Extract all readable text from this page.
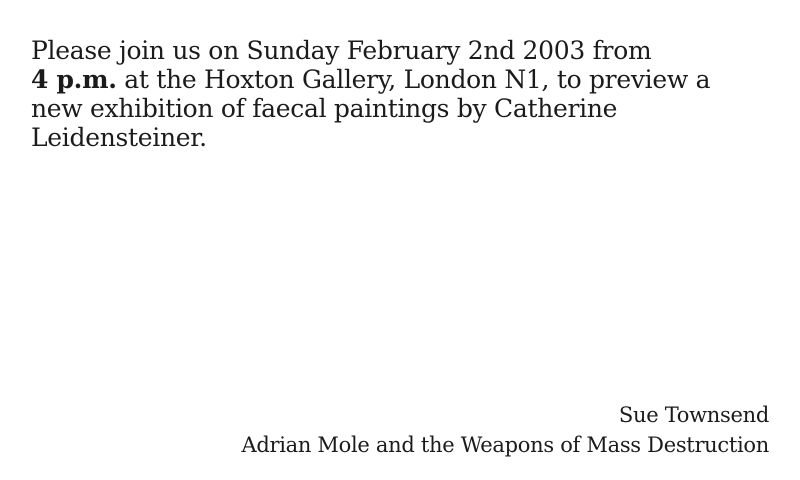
Please join us on Sunday February 2nd 2003 from
4 p.m. at the Hoxton Gallery, London N1, to preview a new exhibition of faecal paintings by Catherine Leidensteiner.

Sue Townsend
Adrian Mole and the Weapons of Mass Destruction
